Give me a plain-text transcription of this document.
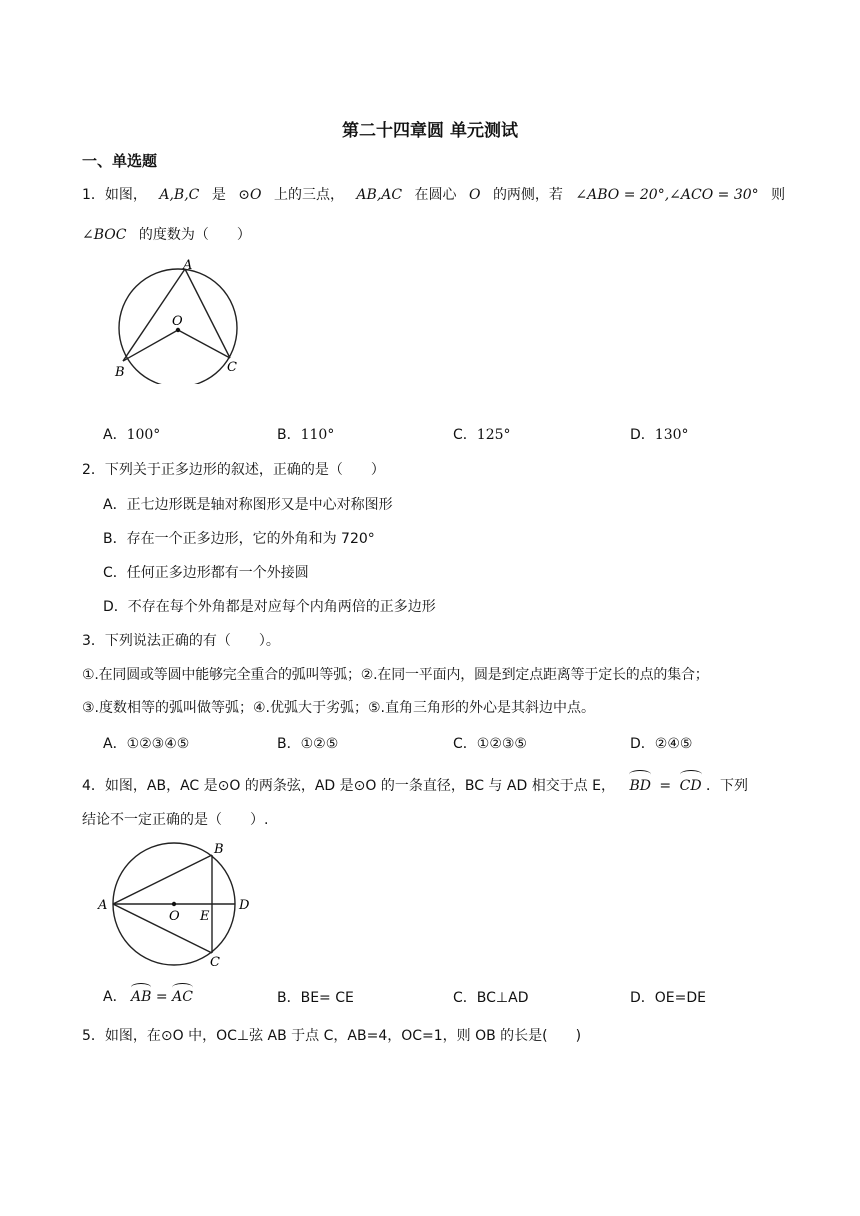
第二十四章圆 单元测试
一、单选题
1．如图， A,B,C 是 ⊙O 上的三点， AB,AC 在圆心 O 的两侧，若 ∠ABO = 20°,∠ACO = 30° 则
∠BOC 的度数为（　　）
A
O
B	C
A．100°	B．110°	C．125°	D．130°
2．下列关于正多边形的叙述，正确的是（　　）
A．正七边形既是轴对称图形又是中心对称图形
B．存在一个正多边形，它的外角和为 720°
C．任何正多边形都有一个外接圆
D．不存在每个外角都是对应每个内角两倍的正多边形
3．下列说法正确的有（　　）。
①.在同圆或等圆中能够完全重合的弧叫等弧；②.在同一平面内，圆是到定点距离等于定长的点的集合；
③.度数相等的弧叫做等弧；④.优弧大于劣弧；⑤.直角三角形的外心是其斜边中点。
A．①②③④⑤	B．①②⑤	C．①②③⑤	D．②④⑤
4．如图，AB，AC 是⊙O 的两条弦，AD 是⊙O 的一条直径，BC 与 AD 相交于点 E， BD = CD ．下列
结论不一定正确的是（　　）.
A
B
C
D
O E
A． AB = AC	B．BE= CE	C．BC⊥AD	D．OE=DE
5．如图，在⊙O 中，OC⊥弦 AB 于点 C，AB=4，OC=1，则 OB 的长是(　　)
